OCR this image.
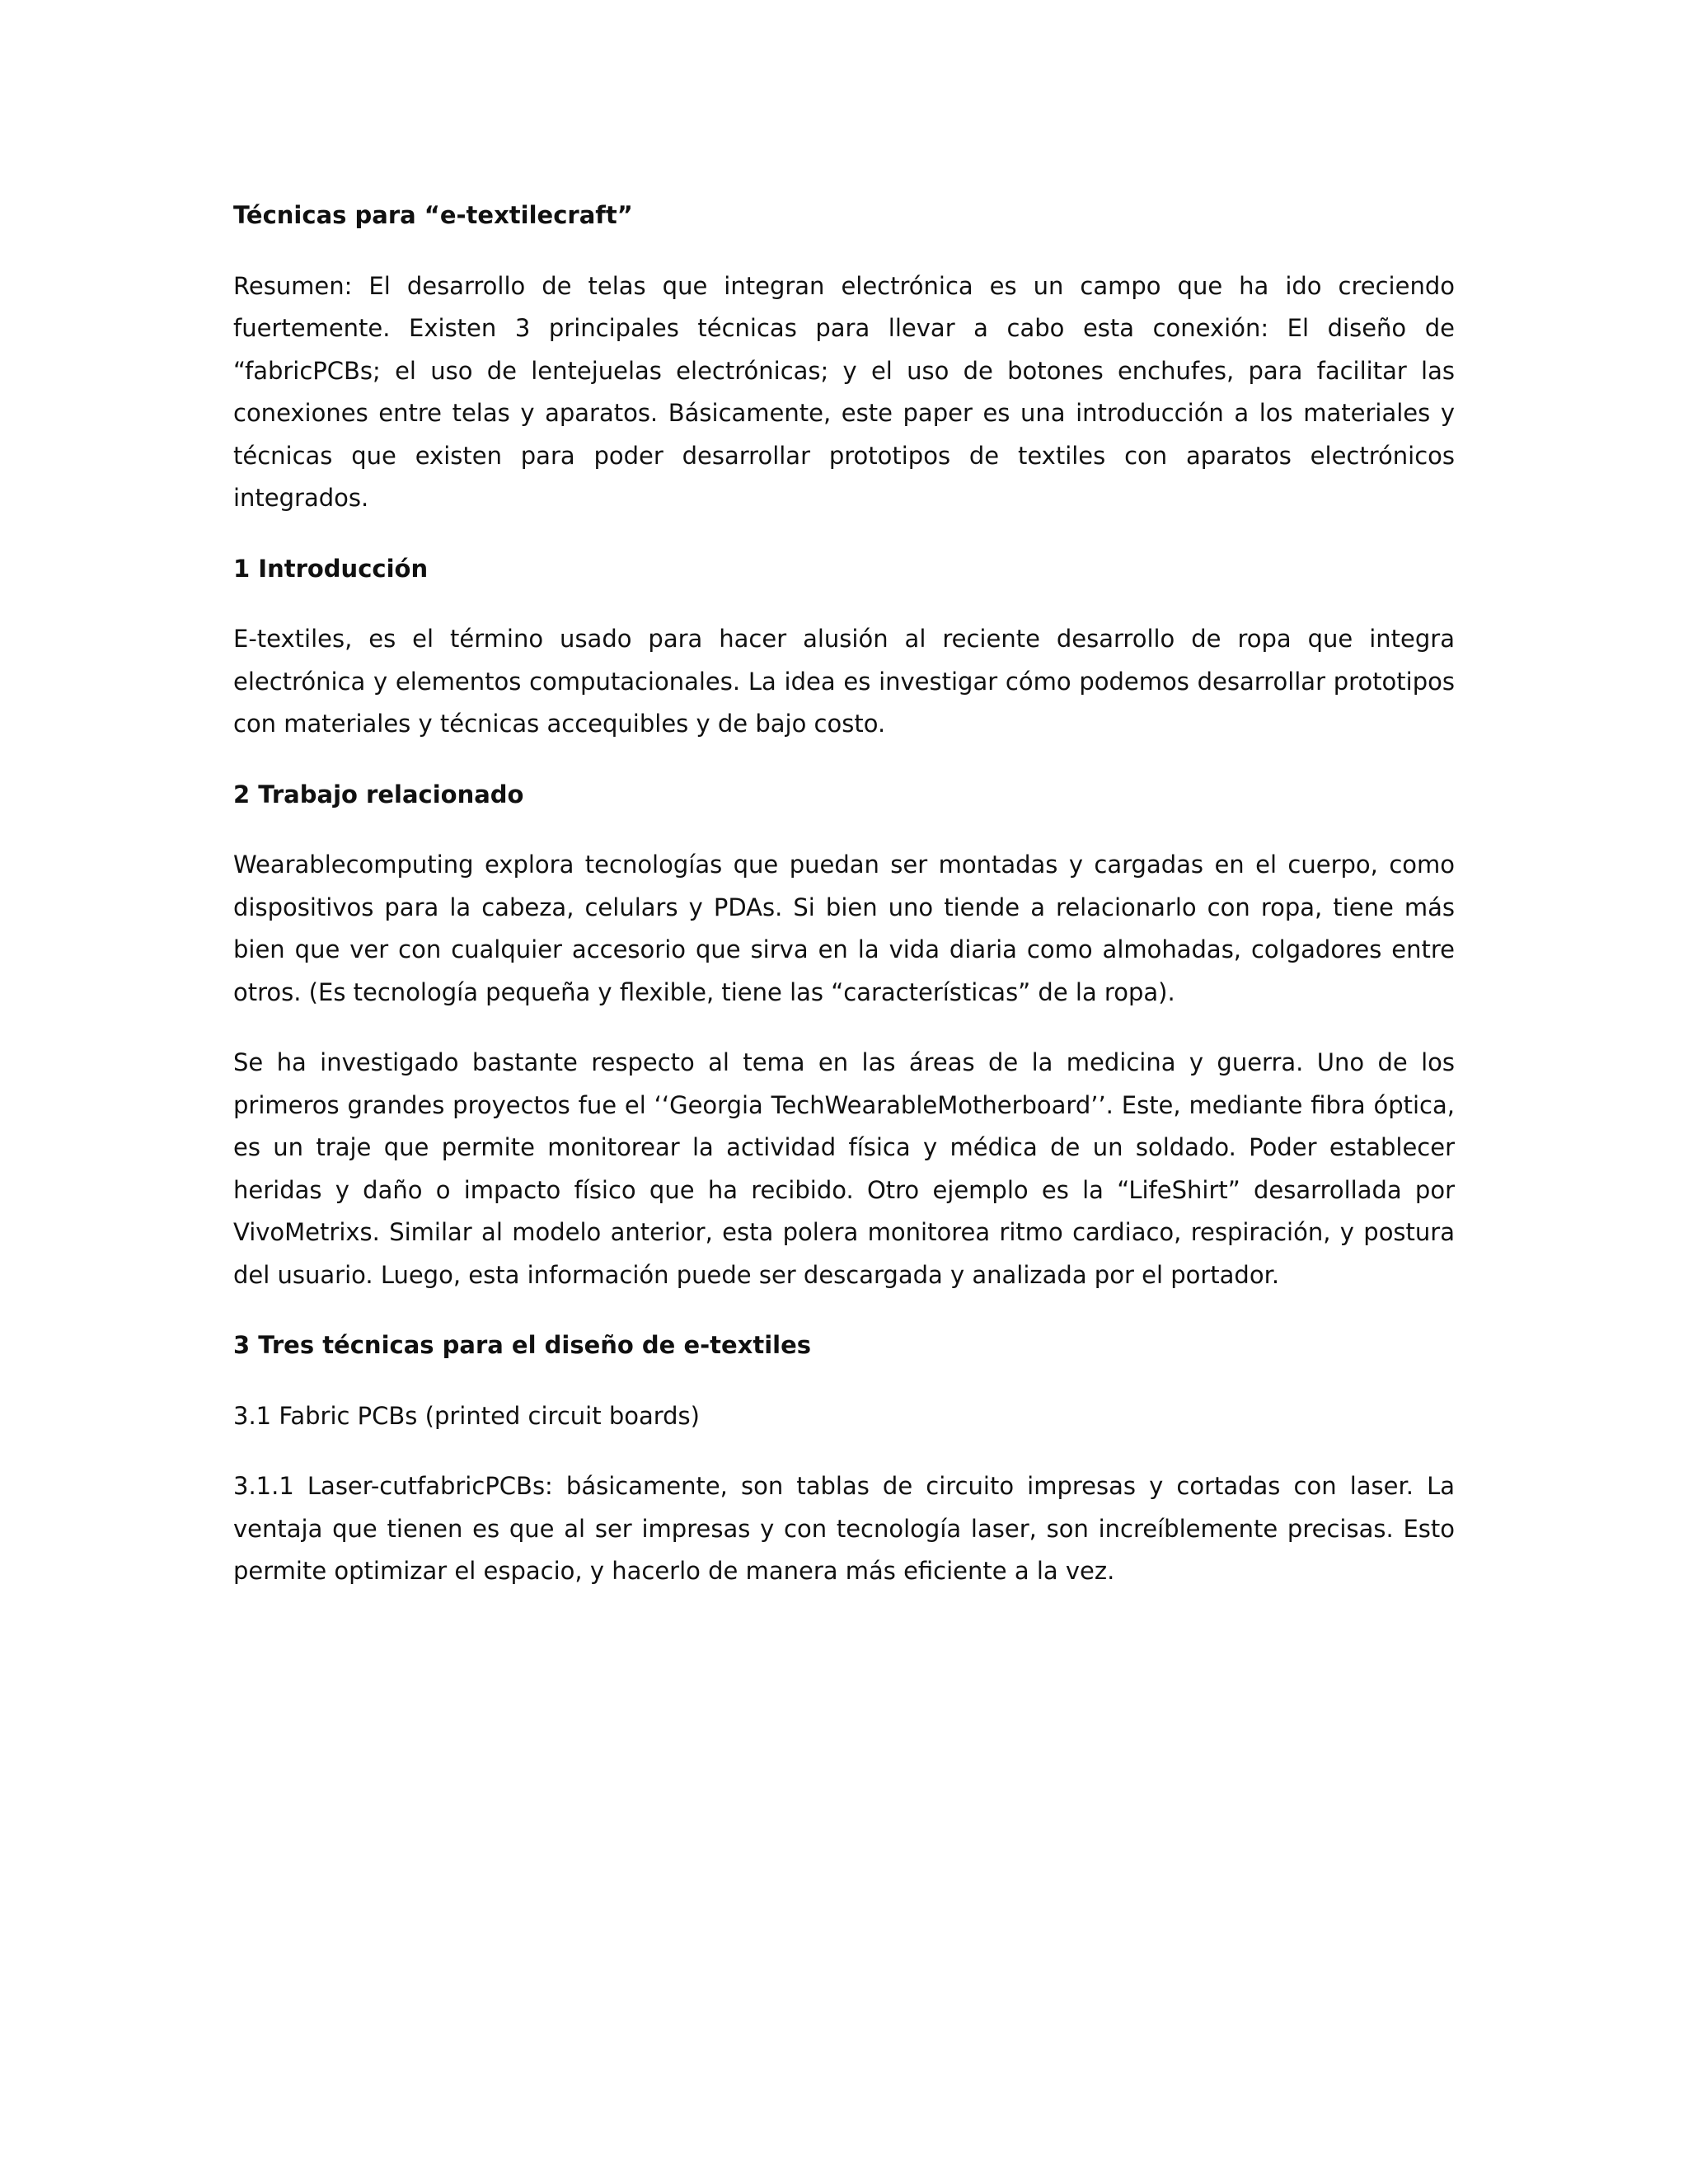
Técnicas para “e-textilecraft”
Resumen: El desarrollo de telas que integran electrónica es un campo que ha ido creciendo fuertemente. Existen 3 principales técnicas para llevar a cabo esta conexión: El diseño de “fabricPCBs; el uso de lentejuelas electrónicas; y el uso de botones enchufes, para facilitar las conexiones entre telas y aparatos. Básicamente, este paper es una introducción a los materiales y técnicas que existen para poder desarrollar prototipos de textiles con aparatos electrónicos integrados.
1 Introducción
E-textiles, es el término usado para hacer alusión al reciente desarrollo de ropa que integra electrónica y elementos computacionales. La idea es investigar cómo podemos desarrollar prototipos con materiales y técnicas accequibles y de bajo costo.
2 Trabajo relacionado
Wearablecomputing explora tecnologías que puedan ser montadas y cargadas en el cuerpo, como dispositivos para la cabeza, celulars y PDAs. Si bien uno tiende a relacionarlo con ropa, tiene más bien que ver con cualquier accesorio que sirva en la vida diaria como almohadas, colgadores entre otros. (Es tecnología pequeña y flexible, tiene las “características” de la ropa).
Se ha investigado bastante respecto al tema en las áreas de la medicina y guerra. Uno de los primeros grandes proyectos fue el ‘‘Georgia TechWearableMotherboard’’. Este, mediante fibra óptica, es un traje que permite monitorear la actividad física y médica de un soldado. Poder establecer heridas y daño o impacto físico que ha recibido. Otro ejemplo es la “LifeShirt” desarrollada por VivoMetrixs. Similar al modelo anterior, esta polera monitorea ritmo cardiaco, respiración, y postura del usuario. Luego, esta información puede ser descargada y analizada por el portador.
3 Tres técnicas para el diseño de e-textiles
3.1 Fabric PCBs (printed circuit boards)
3.1.1 Laser-cutfabricPCBs: básicamente, son tablas de circuito impresas y cortadas con laser. La ventaja que tienen es que al ser impresas y con tecnología laser, son increíblemente precisas. Esto permite optimizar el espacio, y hacerlo de manera más eficiente a la vez.
